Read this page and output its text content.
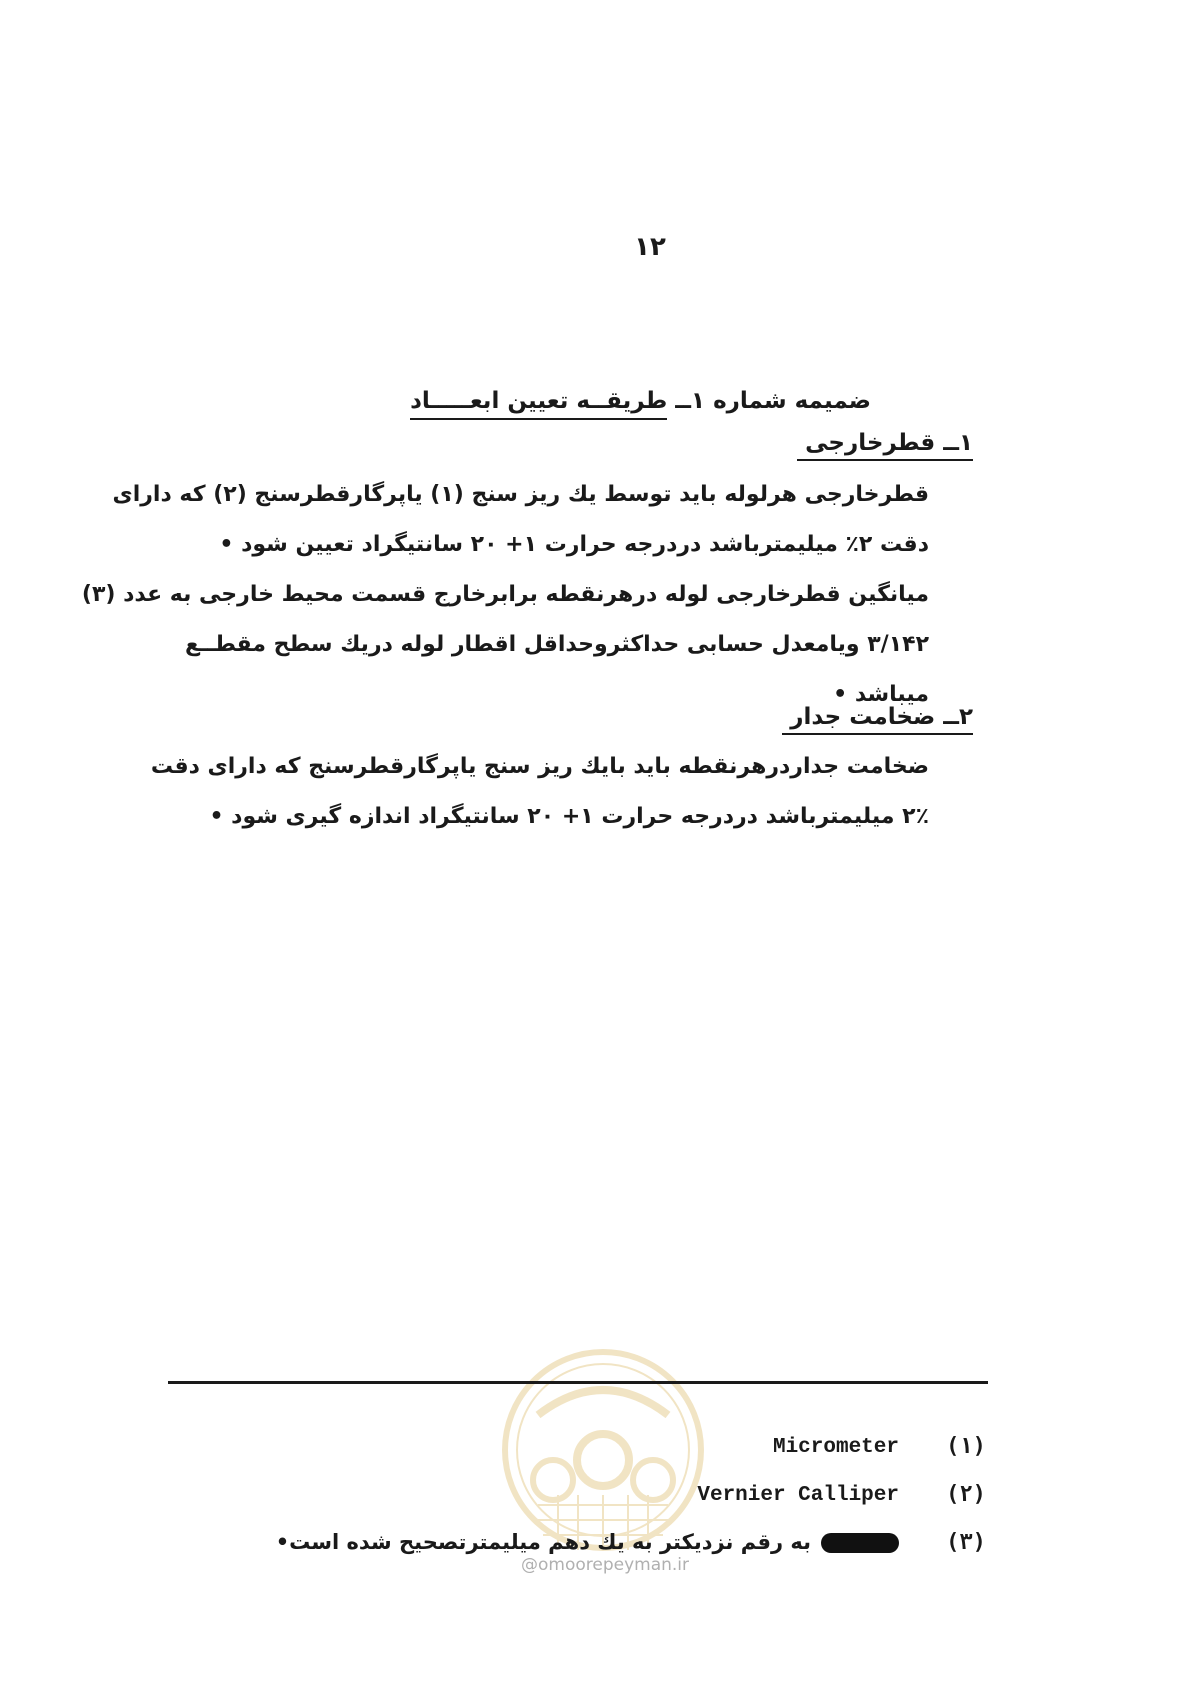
۱۲
ضمیمه شماره ۱ــ طریقــه تعیین ابعـــــاد
۱ــ قطرخارجی

قطرخارجی هرلوله باید توسط یك ریز سنج (۱) یاپرگارقطرسنج (۲) که دارای

دقت ۲٪ میلیمترباشد دردرجه حرارت ۱+ ۲۰ سانتیگراد تعیین شود •

میانگین قطرخارجی لوله درهرنقطه برابرخارج قسمت محیط خارجی به عدد (۳)

۳/۱۴۲ ویامعدل حسابی حداکثروحداقل اقطار لوله دریك سطح مقطــع

میباشد •

۲ــ ضخامت جدار

ضخامت جداردرهرنقطه باید بایك ریز سنج یاپرگارقطرسنج که دارای دقت

۲٪ میلیمترباشد دردرجه حرارت ۱+ ۲۰ سانتیگراد اندازه گیری شود •

@omoorepeyman.ir
(۱)
Micrometer
(۲)
Vernier Calliper
(۳)
به رقم نزدیکتر به یك دهم میلیمترتصحیح شده است•
